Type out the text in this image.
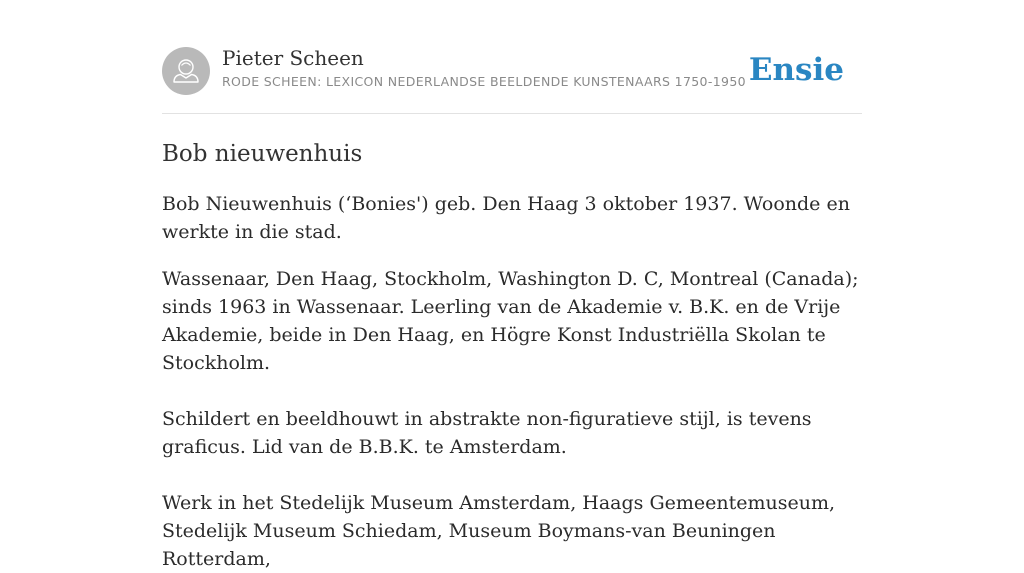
Pieter Scheen
RODE SCHEEN: LEXICON NEDERLANDSE BEELDENDE KUNSTENAARS 1750-1950 Ensie
Bob nieuwenhuis

Bob Nieuwenhuis (‘Bonies') geb. Den Haag 3 oktober 1937. Woonde en werkte in die stad.

Wassenaar, Den Haag, Stockholm, Washington D. C, Montreal (Canada); sinds 1963 in Wassenaar. Leerling van de Akademie v. B.K. en de Vrije Akademie, beide in Den Haag, en Högre Konst Industriëlla Skolan te Stockholm.

Schildert en beeldhouwt in abstrakte non-figuratieve stijl, is tevens graficus. Lid van de B.B.K. te Amsterdam.

Werk in het Stedelijk Museum Amsterdam, Haags Gemeentemuseum, Stedelijk Museum Schiedam, Museum Boymans-van Beuningen Rotterdam,
